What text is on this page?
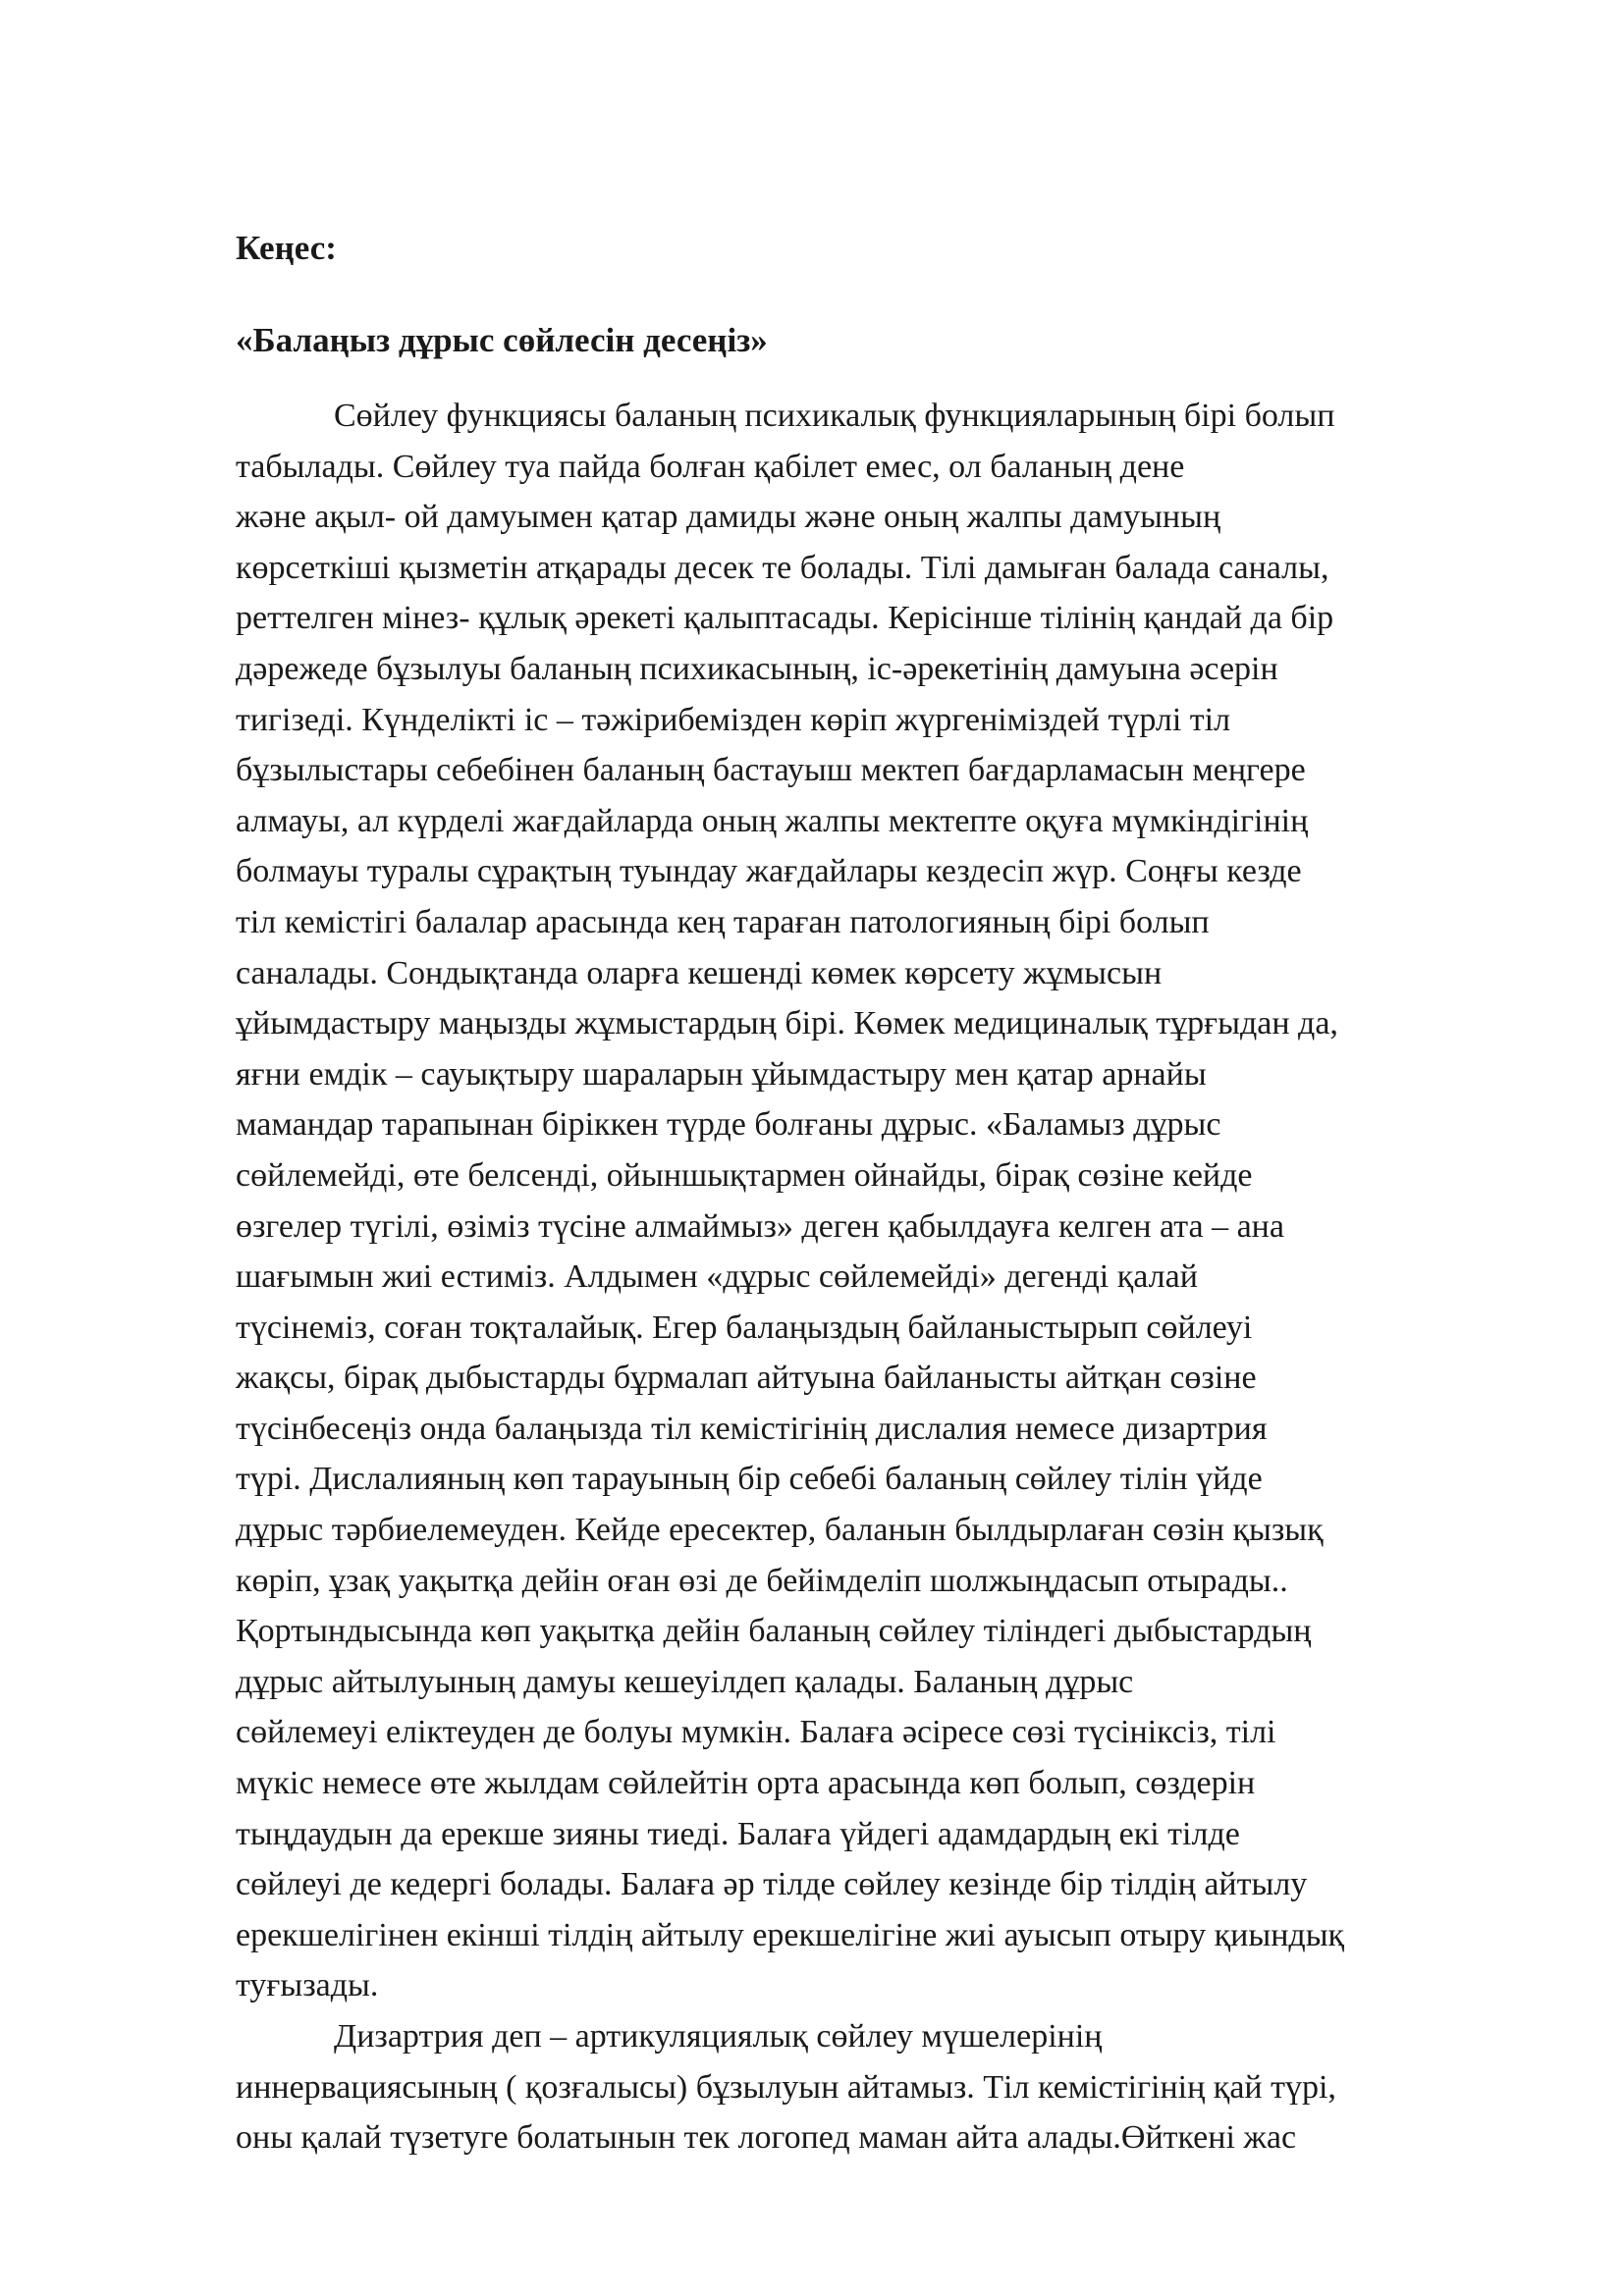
Кеңес:

«Балаңыз дұрыс сөйлесін десеңіз»

Сөйлеу функциясы баланың психикалық функцияларының бірі болып
табылады. Сөйлеу туа пайда болған қабілет емес, ол баланың дене
және ақыл- ой дамуымен қатар дамиды және оның жалпы дамуының
көрсеткіші қызметін атқарады десек те болады. Тілі дамыған балада саналы,
реттелген мінез- құлық әрекеті қалыптасады. Керісінше тілінің қандай да бір
дәрежеде бұзылуы баланың психикасының, іс-әрекетінің дамуына әсерін
тигізеді. Күнделікті іс – тәжірибемізден көріп жүргеніміздей түрлі тіл
бұзылыстары себебінен баланың бастауыш мектеп бағдарламасын меңгере
алмауы, ал күрделі жағдайларда оның жалпы мектепте оқуға мүмкіндігінің
болмауы туралы сұрақтың туындау жағдайлары кездесіп жүр. Соңғы кезде
тіл кемістігі балалар арасында кең тараған патологияның бірі болып
саналады. Сондықтанда оларға кешенді көмек көрсету жұмысын
ұйымдастыру маңызды жұмыстардың бірі. Көмек медициналық тұрғыдан да,
яғни емдік – сауықтыру шараларын ұйымдастыру мен қатар арнайы
мамандар тарапынан біріккен түрде болғаны дұрыс. «Баламыз дұрыс
сөйлемейді, өте белсенді, ойыншықтармен ойнайды, бірақ сөзіне кейде
өзгелер түгілі, өзіміз түсіне алмаймыз» деген қабылдауға келген ата – ана
шағымын жиі естиміз. Алдымен «дұрыс сөйлемейді» дегенді қалай
түсінеміз, соған тоқталайық. Егер балаңыздың байланыстырып сөйлеуі
жақсы, бірақ дыбыстарды бұрмалап айтуына байланысты айтқан сөзіне
түсінбесеңіз онда балаңызда тіл кемістігінің дислалия немесе дизартрия
түрі. Дислалияның көп тарауының бір себебі баланың сөйлеу тілін үйде
дұрыс тәрбиелемеуден. Кейде ересектер, баланын былдырлаған сөзін қызық
көріп, ұзақ уақытқа дейін оған өзі де бейімделіп шолжыңдасып отырады..
Қортындысында көп уақытқа дейін баланың сөйлеу тіліндегі дыбыстардың
дұрыс айтылуының дамуы кешеуілдеп қалады. Баланың дұрыс
сөйлемеуі еліктеуден де болуы мумкін. Балаға әсіресе сөзі түсініксіз, тілі
мүкіс немесе өте жылдам сөйлейтін орта арасында көп болып, сөздерін
тыңдаудын да ерекше зияны тиеді. Балаға үйдегі адамдардың екі тілде
сөйлеуі де кедергі болады. Балаға әр тілде сөйлеу кезінде бір тілдің айтылу
ерекшелігінен екінші тілдің айтылу ерекшелігіне жиі ауысып отыру қиындық
туғызады.
Дизартрия деп – артикуляциялық сөйлеу мүшелерінің
иннервациясының ( қозғалысы) бұзылуын айтамыз. Тіл кемістігінің қай түрі,
оны қалай түзетуге болатынын тек логопед маман айта алады.Өйткені жас
